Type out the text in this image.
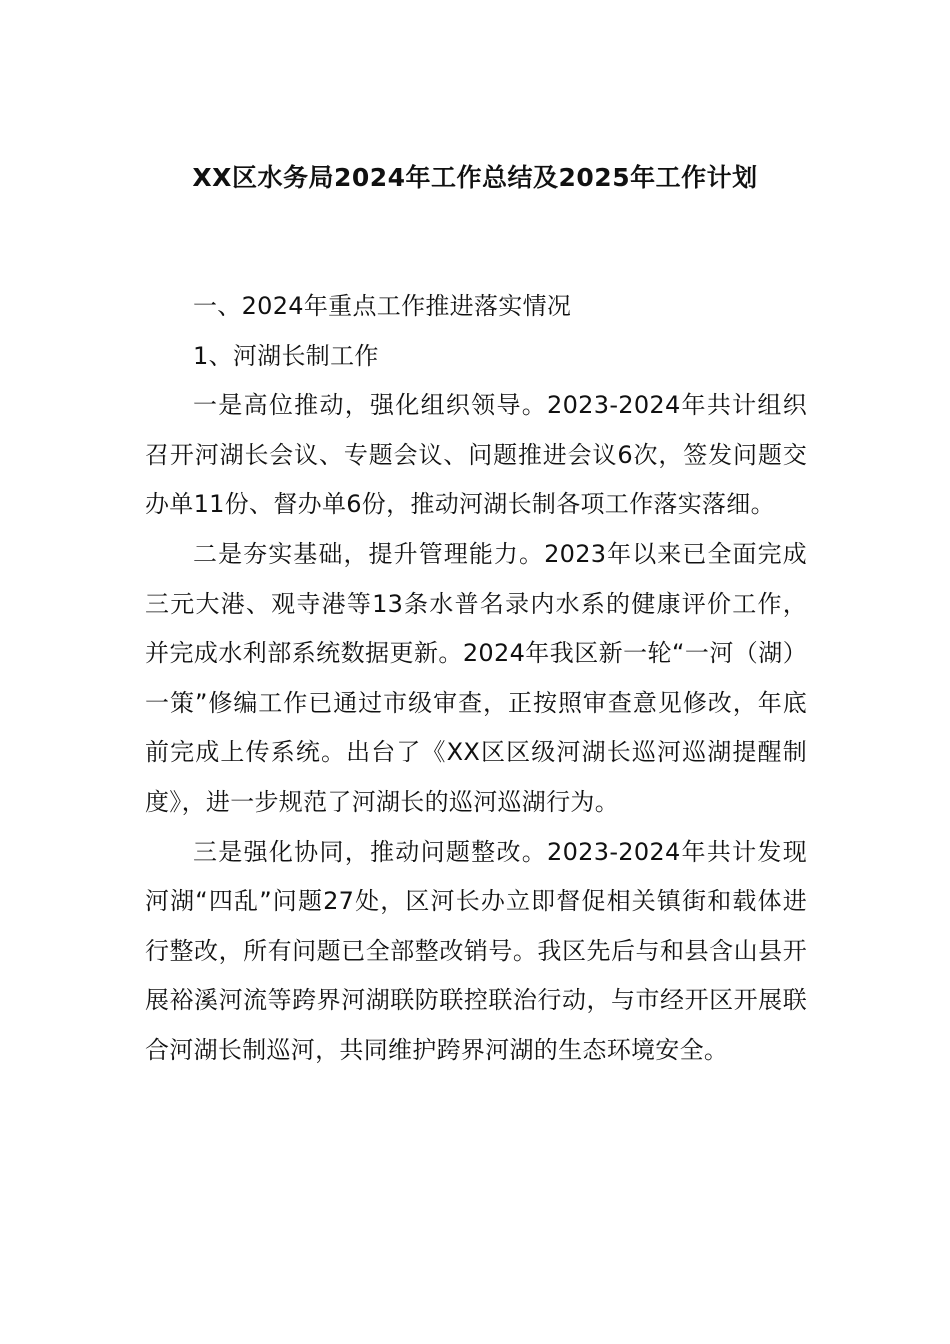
XX区水务局2024年工作总结及2025年工作计划

一、2024年重点工作推进落实情况

1、河湖长制工作

一是高位推动，强化组织领导。2023-2024年共计组织召开河湖长会议、专题会议、问题推进会议6次，签发问题交办单11份、督办单6份，推动河湖长制各项工作落实落细。

二是夯实基础，提升管理能力。2023年以来已全面完成三元大港、观寺港等13条水普名录内水系的健康评价工作，并完成水利部系统数据更新。2024年我区新一轮“一河（湖）一策”修编工作已通过市级审查，正按照审查意见修改，年底前完成上传系统。出台了《XX区区级河湖长巡河巡湖提醒制度》，进一步规范了河湖长的巡河巡湖行为。

三是强化协同，推动问题整改。2023-2024年共计发现河湖“四乱”问题27处，区河长办立即督促相关镇街和载体进行整改，所有问题已全部整改销号。我区先后与和县含山县开展裕溪河流等跨界河湖联防联控联治行动，与市经开区开展联合河湖长制巡河，共同维护跨界河湖的生态环境安全。
